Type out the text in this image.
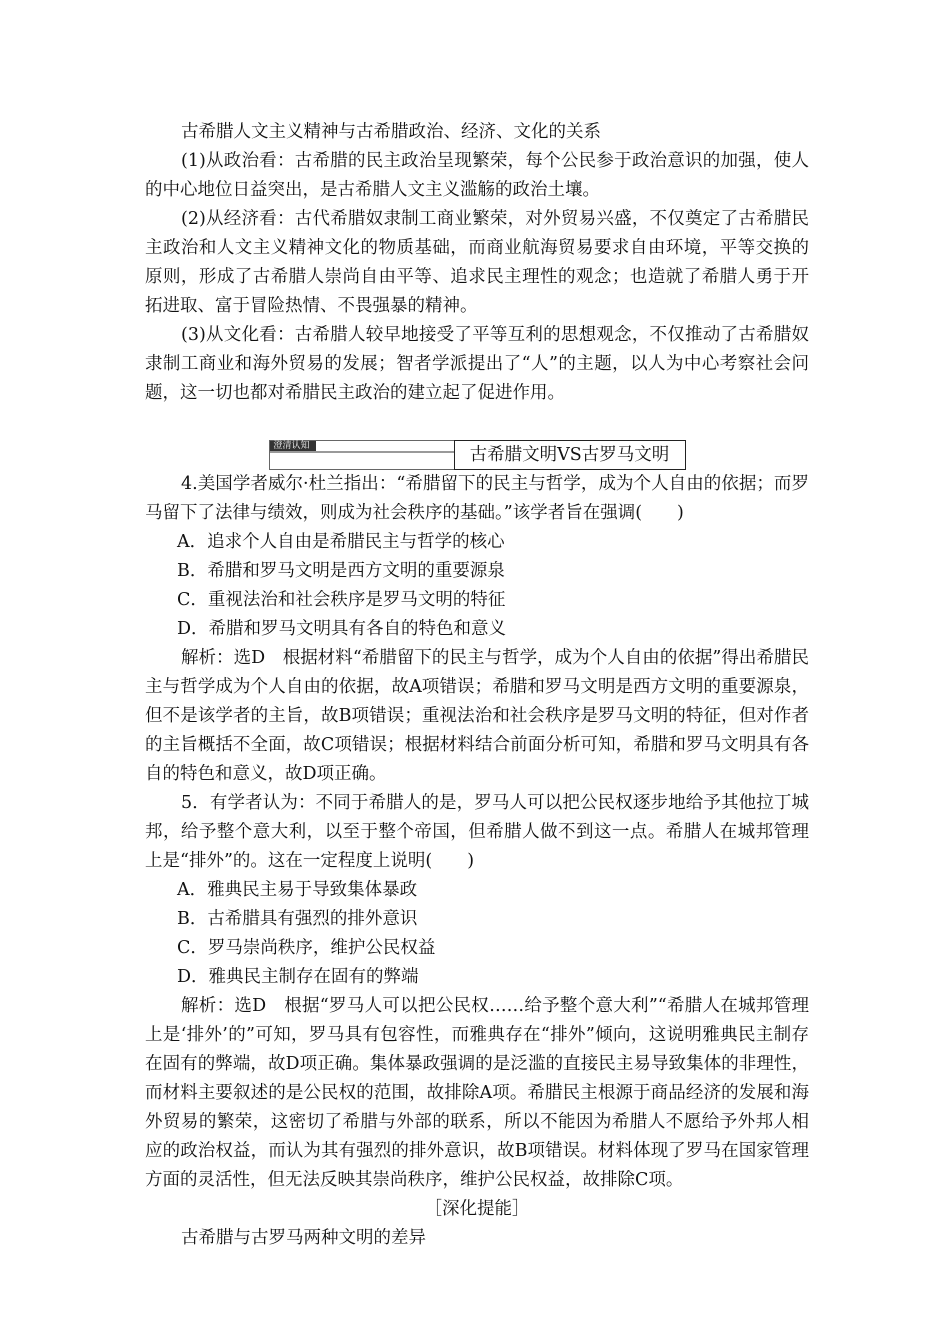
古希腊人文主义精神与古希腊政治、经济、文化的关系

(1)从政治看：古希腊的民主政治呈现繁荣，每个公民参于政治意识的加强，使人的中心地位日益突出，是古希腊人文主义滥觞的政治土壤。

(2)从经济看：古代希腊奴隶制工商业繁荣，对外贸易兴盛，不仅奠定了古希腊民主政治和人文主义精神文化的物质基础，而商业航海贸易要求自由环境，平等交换的原则，形成了古希腊人崇尚自由平等、追求民主理性的观念；也造就了希腊人勇于开拓进取、富于冒险热情、不畏强暴的精神。

(3)从文化看：古希腊人较早地接受了平等互利的思想观念，不仅推动了古希腊奴隶制工商业和海外贸易的发展；智者学派提出了“人”的主题，以人为中心考察社会问题，这一切也都对希腊民主政治的建立起了促进作用。

澄清认知	古希腊文明VS古罗马文明

4.美国学者威尔·杜兰指出：“希腊留下的民主与哲学，成为个人自由的依据；而罗马留下了法律与绩效，则成为社会秩序的基础。”该学者旨在强调(　　)

A．追求个人自由是希腊民主与哲学的核心

B．希腊和罗马文明是西方文明的重要源泉

C．重视法治和社会秩序是罗马文明的特征

D．希腊和罗马文明具有各自的特色和意义

解析：选D　根据材料“希腊留下的民主与哲学，成为个人自由的依据”得出希腊民主与哲学成为个人自由的依据，故A项错误；希腊和罗马文明是西方文明的重要源泉，但不是该学者的主旨，故B项错误；重视法治和社会秩序是罗马文明的特征，但对作者的主旨概括不全面，故C项错误；根据材料结合前面分析可知，希腊和罗马文明具有各自的特色和意义，故D项正确。

5．有学者认为：不同于希腊人的是，罗马人可以把公民权逐步地给予其他拉丁城邦，给予整个意大利，以至于整个帝国，但希腊人做不到这一点。希腊人在城邦管理上是“排外”的。这在一定程度上说明(　　)

A．雅典民主易于导致集体暴政

B．古希腊具有强烈的排外意识

C．罗马崇尚秩序，维护公民权益

D．雅典民主制存在固有的弊端

解析：选D　根据“罗马人可以把公民权……给予整个意大利”“希腊人在城邦管理上是‘排外’的”可知，罗马具有包容性，而雅典存在“排外”倾向，这说明雅典民主制存在固有的弊端，故D项正确。集体暴政强调的是泛滥的直接民主易导致集体的非理性，而材料主要叙述的是公民权的范围，故排除A项。希腊民主根源于商品经济的发展和海外贸易的繁荣，这密切了希腊与外部的联系，所以不能因为希腊人不愿给予外邦人相应的政治权益，而认为其有强烈的排外意识，故B项错误。材料体现了罗马在国家管理方面的灵活性，但无法反映其崇尚秩序，维护公民权益，故排除C项。

［深化提能］

古希腊与古罗马两种文明的差异
